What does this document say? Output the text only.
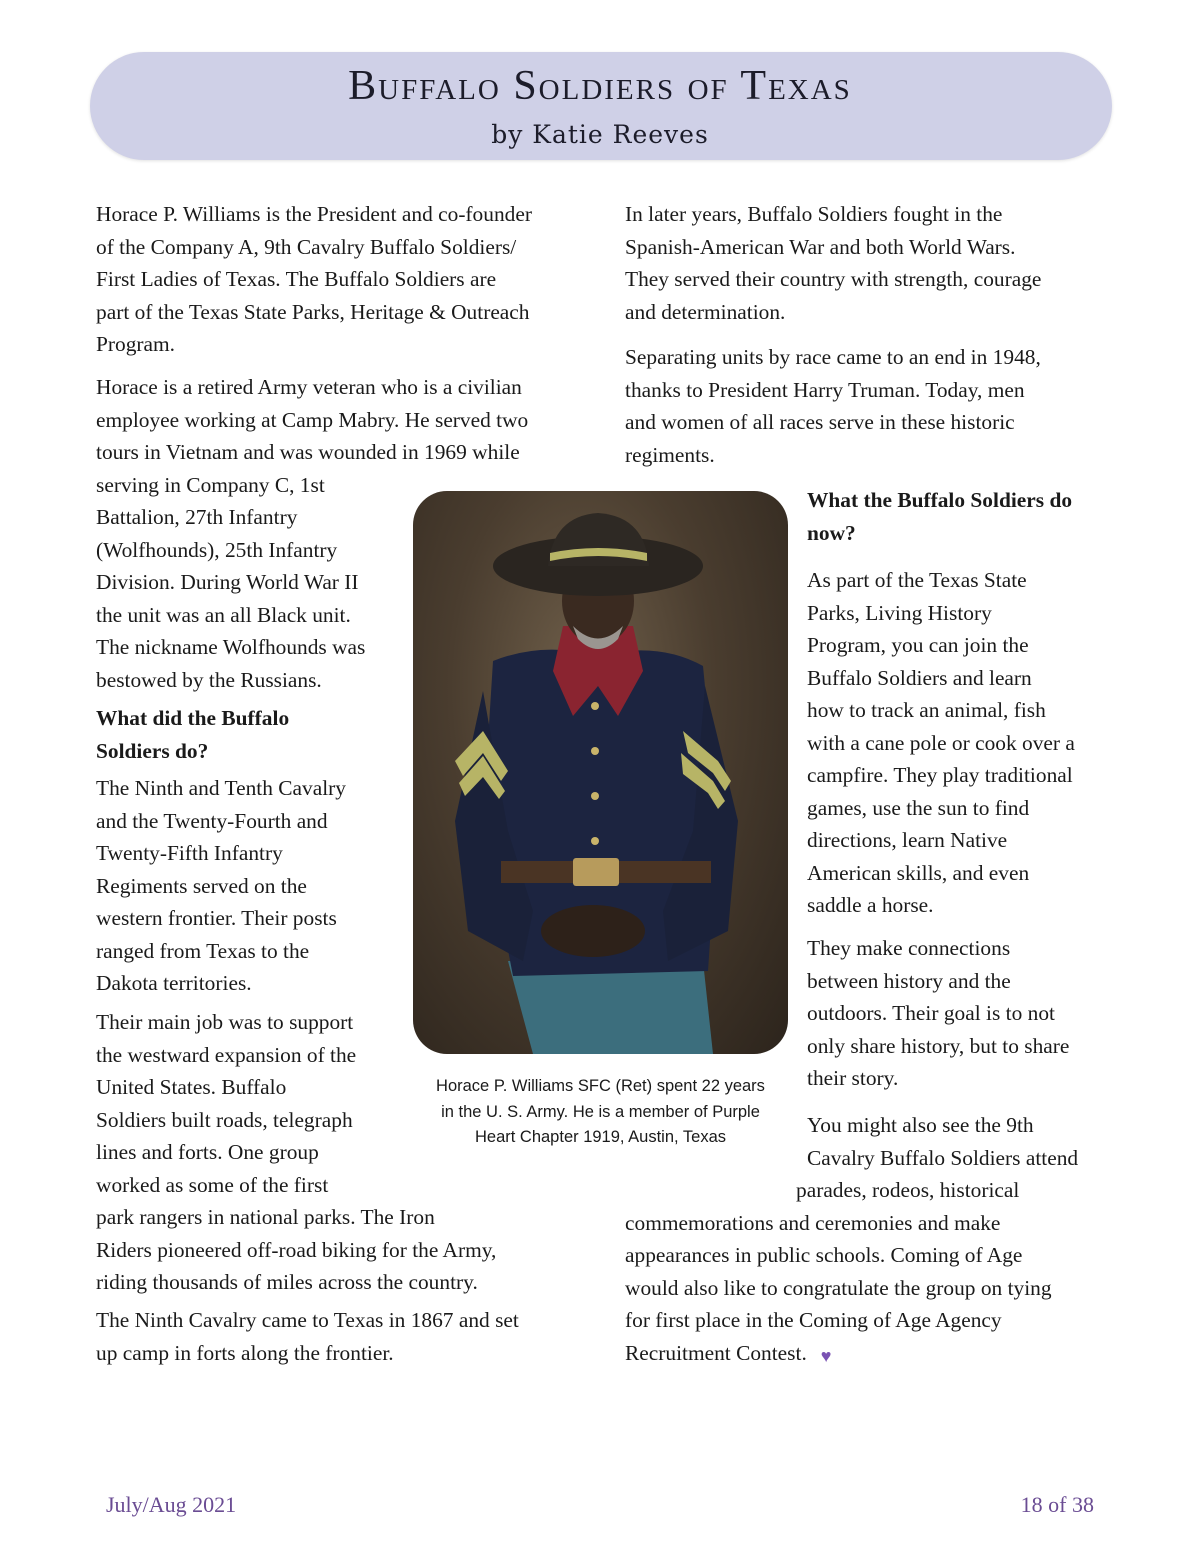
Buffalo Soldiers of Texas
by Katie Reeves
Horace P. Williams is the President and co-founder
of the Company A, 9th Cavalry Buffalo Soldiers/
First Ladies of Texas. The Buffalo Soldiers are
part of the Texas State Parks, Heritage & Outreach
Program.
Horace is a retired Army veteran who is a civilian
employee working at Camp Mabry. He served two
tours in Vietnam and was wounded in 1969 while
serving in Company C, 1st
Battalion, 27th Infantry
(Wolfhounds), 25th Infantry
Division. During World War II
the unit was an all Black unit.
The nickname Wolfhounds was
bestowed by the Russians.
What did the Buffalo
Soldiers do?
The Ninth and Tenth Cavalry
and the Twenty-Fourth and
Twenty-Fifth Infantry
Regiments served on the
western frontier. Their posts
ranged from Texas to the
Dakota territories.
Their main job was to support
the westward expansion of the
United States. Buffalo
Soldiers built roads, telegraph
lines and forts. One group
worked as some of the first
park rangers in national parks. The Iron
Riders pioneered off-road biking for the Army,
riding thousands of miles across the country.
The Ninth Cavalry came to Texas in 1867 and set
up camp in forts along the frontier.
In later years, Buffalo Soldiers fought in the
Spanish-American War and both World Wars.
They served their country with strength, courage
and determination.
Separating units by race came to an end in 1948,
thanks to President Harry Truman. Today, men
and women of all races serve in these historic
regiments.
What the Buffalo Soldiers do
now?
As part of the Texas State
Parks, Living History
Program, you can join the
Buffalo Soldiers and learn
how to track an animal, fish
with a cane pole or cook over a
campfire. They play traditional
games, use the sun to find
directions, learn Native
American skills, and even
saddle a horse.
They make connections
between history and the
outdoors. Their goal is to not
only share history, but to share
their story.
You might also see the 9th
Cavalry Buffalo Soldiers attend
parades, rodeos, historical
commemorations and ceremonies and make
appearances in public schools. Coming of Age
would also like to congratulate the group on tying
for first place in the Coming of Age Agency
Recruitment Contest. ♥
Horace P. Williams SFC (Ret) spent 22 years
in the U. S. Army. He is a member of Purple
Heart Chapter 1919, Austin, Texas
July/Aug 2021	18 of 38
